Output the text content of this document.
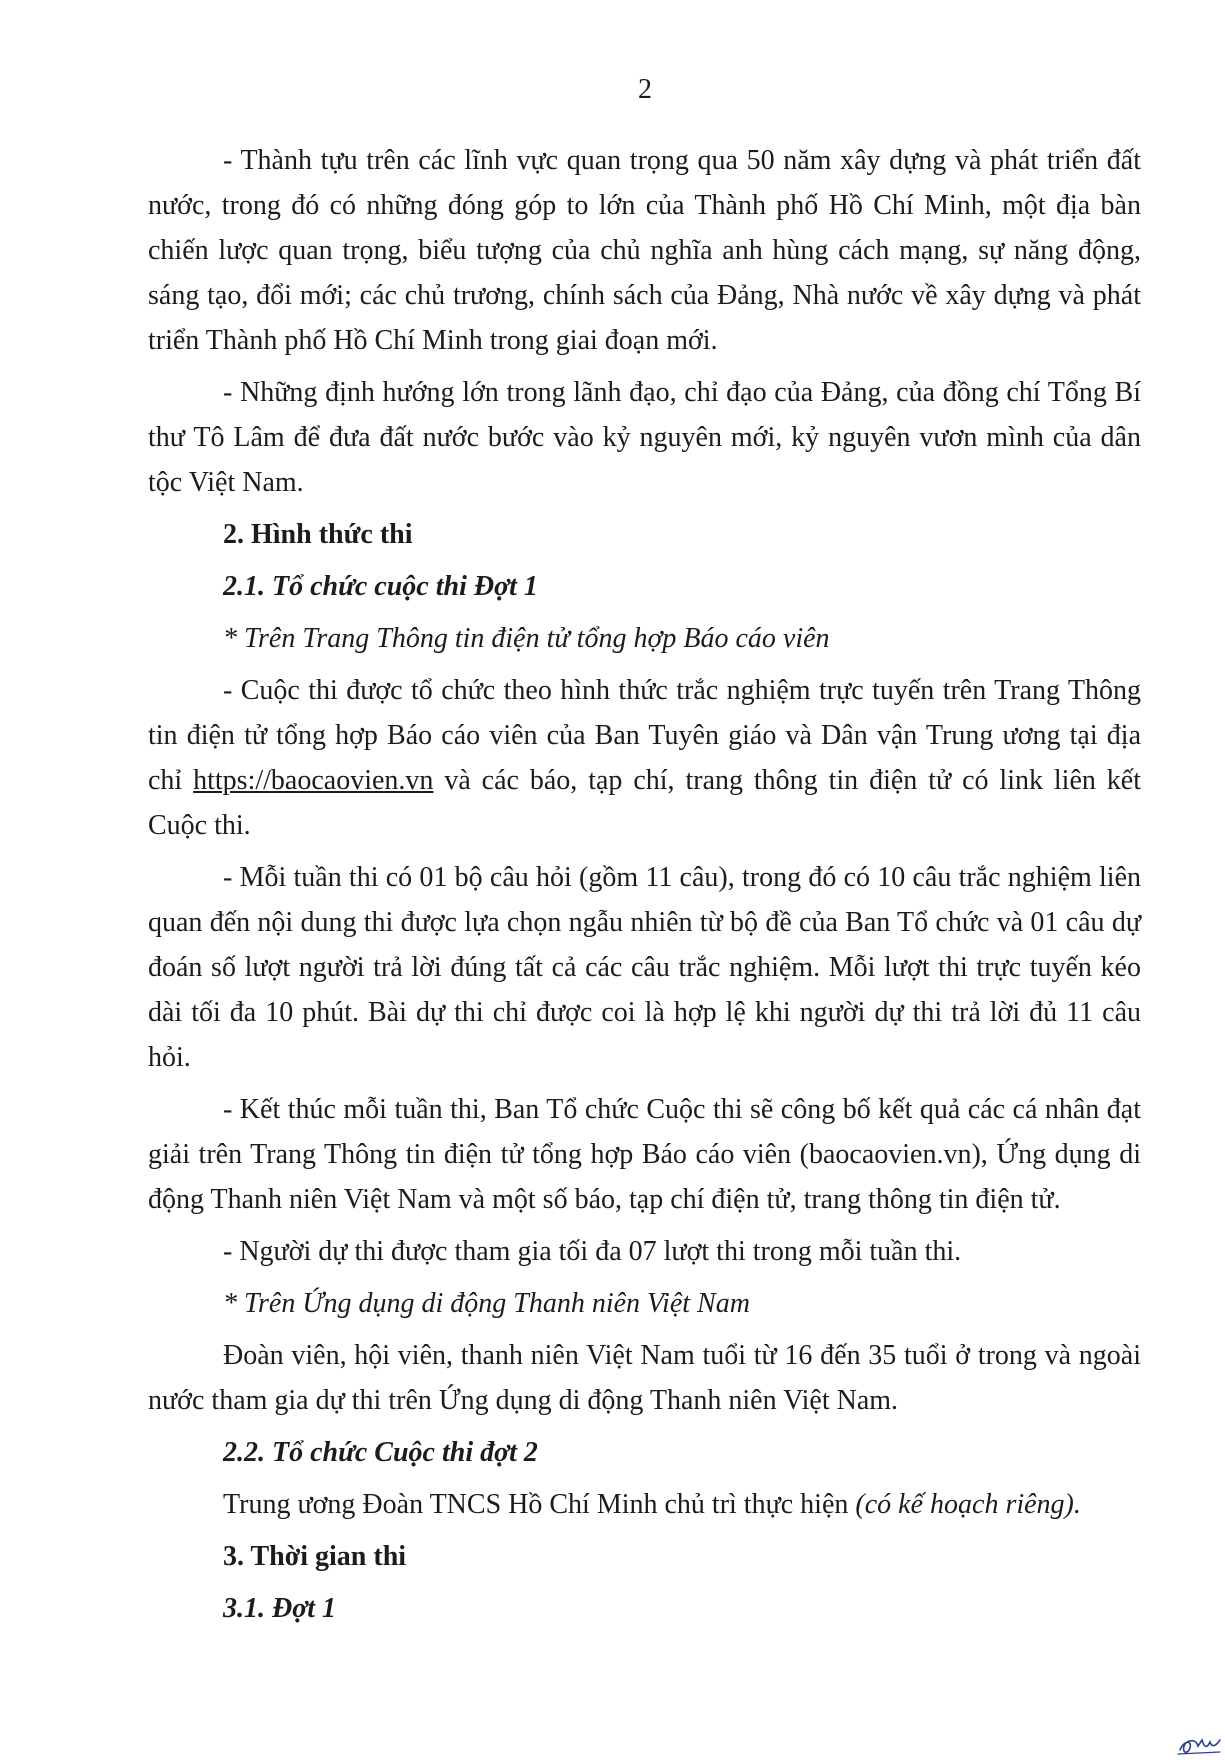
2

- Thành tựu trên các lĩnh vực quan trọng qua 50 năm xây dựng và phát triển đất nước, trong đó có những đóng góp to lớn của Thành phố Hồ Chí Minh, một địa bàn chiến lược quan trọng, biểu tượng của chủ nghĩa anh hùng cách mạng, sự năng động, sáng tạo, đổi mới; các chủ trương, chính sách của Đảng, Nhà nước về xây dựng và phát triển Thành phố Hồ Chí Minh trong giai đoạn mới.

- Những định hướng lớn trong lãnh đạo, chỉ đạo của Đảng, của đồng chí Tổng Bí thư Tô Lâm để đưa đất nước bước vào kỷ nguyên mới, kỷ nguyên vươn mình của dân tộc Việt Nam.

2. Hình thức thi

2.1. Tổ chức cuộc thi Đợt 1

* Trên Trang Thông tin điện tử tổng hợp Báo cáo viên

- Cuộc thi được tổ chức theo hình thức trắc nghiệm trực tuyến trên Trang Thông tin điện tử tổng hợp Báo cáo viên của Ban Tuyên giáo và Dân vận Trung ương tại địa chỉ https://baocaovien.vn và các báo, tạp chí, trang thông tin điện tử có link liên kết Cuộc thi.

- Mỗi tuần thi có 01 bộ câu hỏi (gồm 11 câu), trong đó có 10 câu trắc nghiệm liên quan đến nội dung thi được lựa chọn ngẫu nhiên từ bộ đề của Ban Tổ chức và 01 câu dự đoán số lượt người trả lời đúng tất cả các câu trắc nghiệm. Mỗi lượt thi trực tuyến kéo dài tối đa 10 phút. Bài dự thi chỉ được coi là hợp lệ khi người dự thi trả lời đủ 11 câu hỏi.

- Kết thúc mỗi tuần thi, Ban Tổ chức Cuộc thi sẽ công bố kết quả các cá nhân đạt giải trên Trang Thông tin điện tử tổng hợp Báo cáo viên (baocaovien.vn), Ứng dụng di động Thanh niên Việt Nam và một số báo, tạp chí điện tử, trang thông tin điện tử.

- Người dự thi được tham gia tối đa 07 lượt thi trong mỗi tuần thi.

* Trên Ứng dụng di động Thanh niên Việt Nam

Đoàn viên, hội viên, thanh niên Việt Nam tuổi từ 16 đến 35 tuổi ở trong và ngoài nước tham gia dự thi trên Ứng dụng di động Thanh niên Việt Nam.

2.2. Tổ chức Cuộc thi đợt 2

Trung ương Đoàn TNCS Hồ Chí Minh chủ trì thực hiện (có kế hoạch riêng).

3. Thời gian thi

3.1. Đợt 1
